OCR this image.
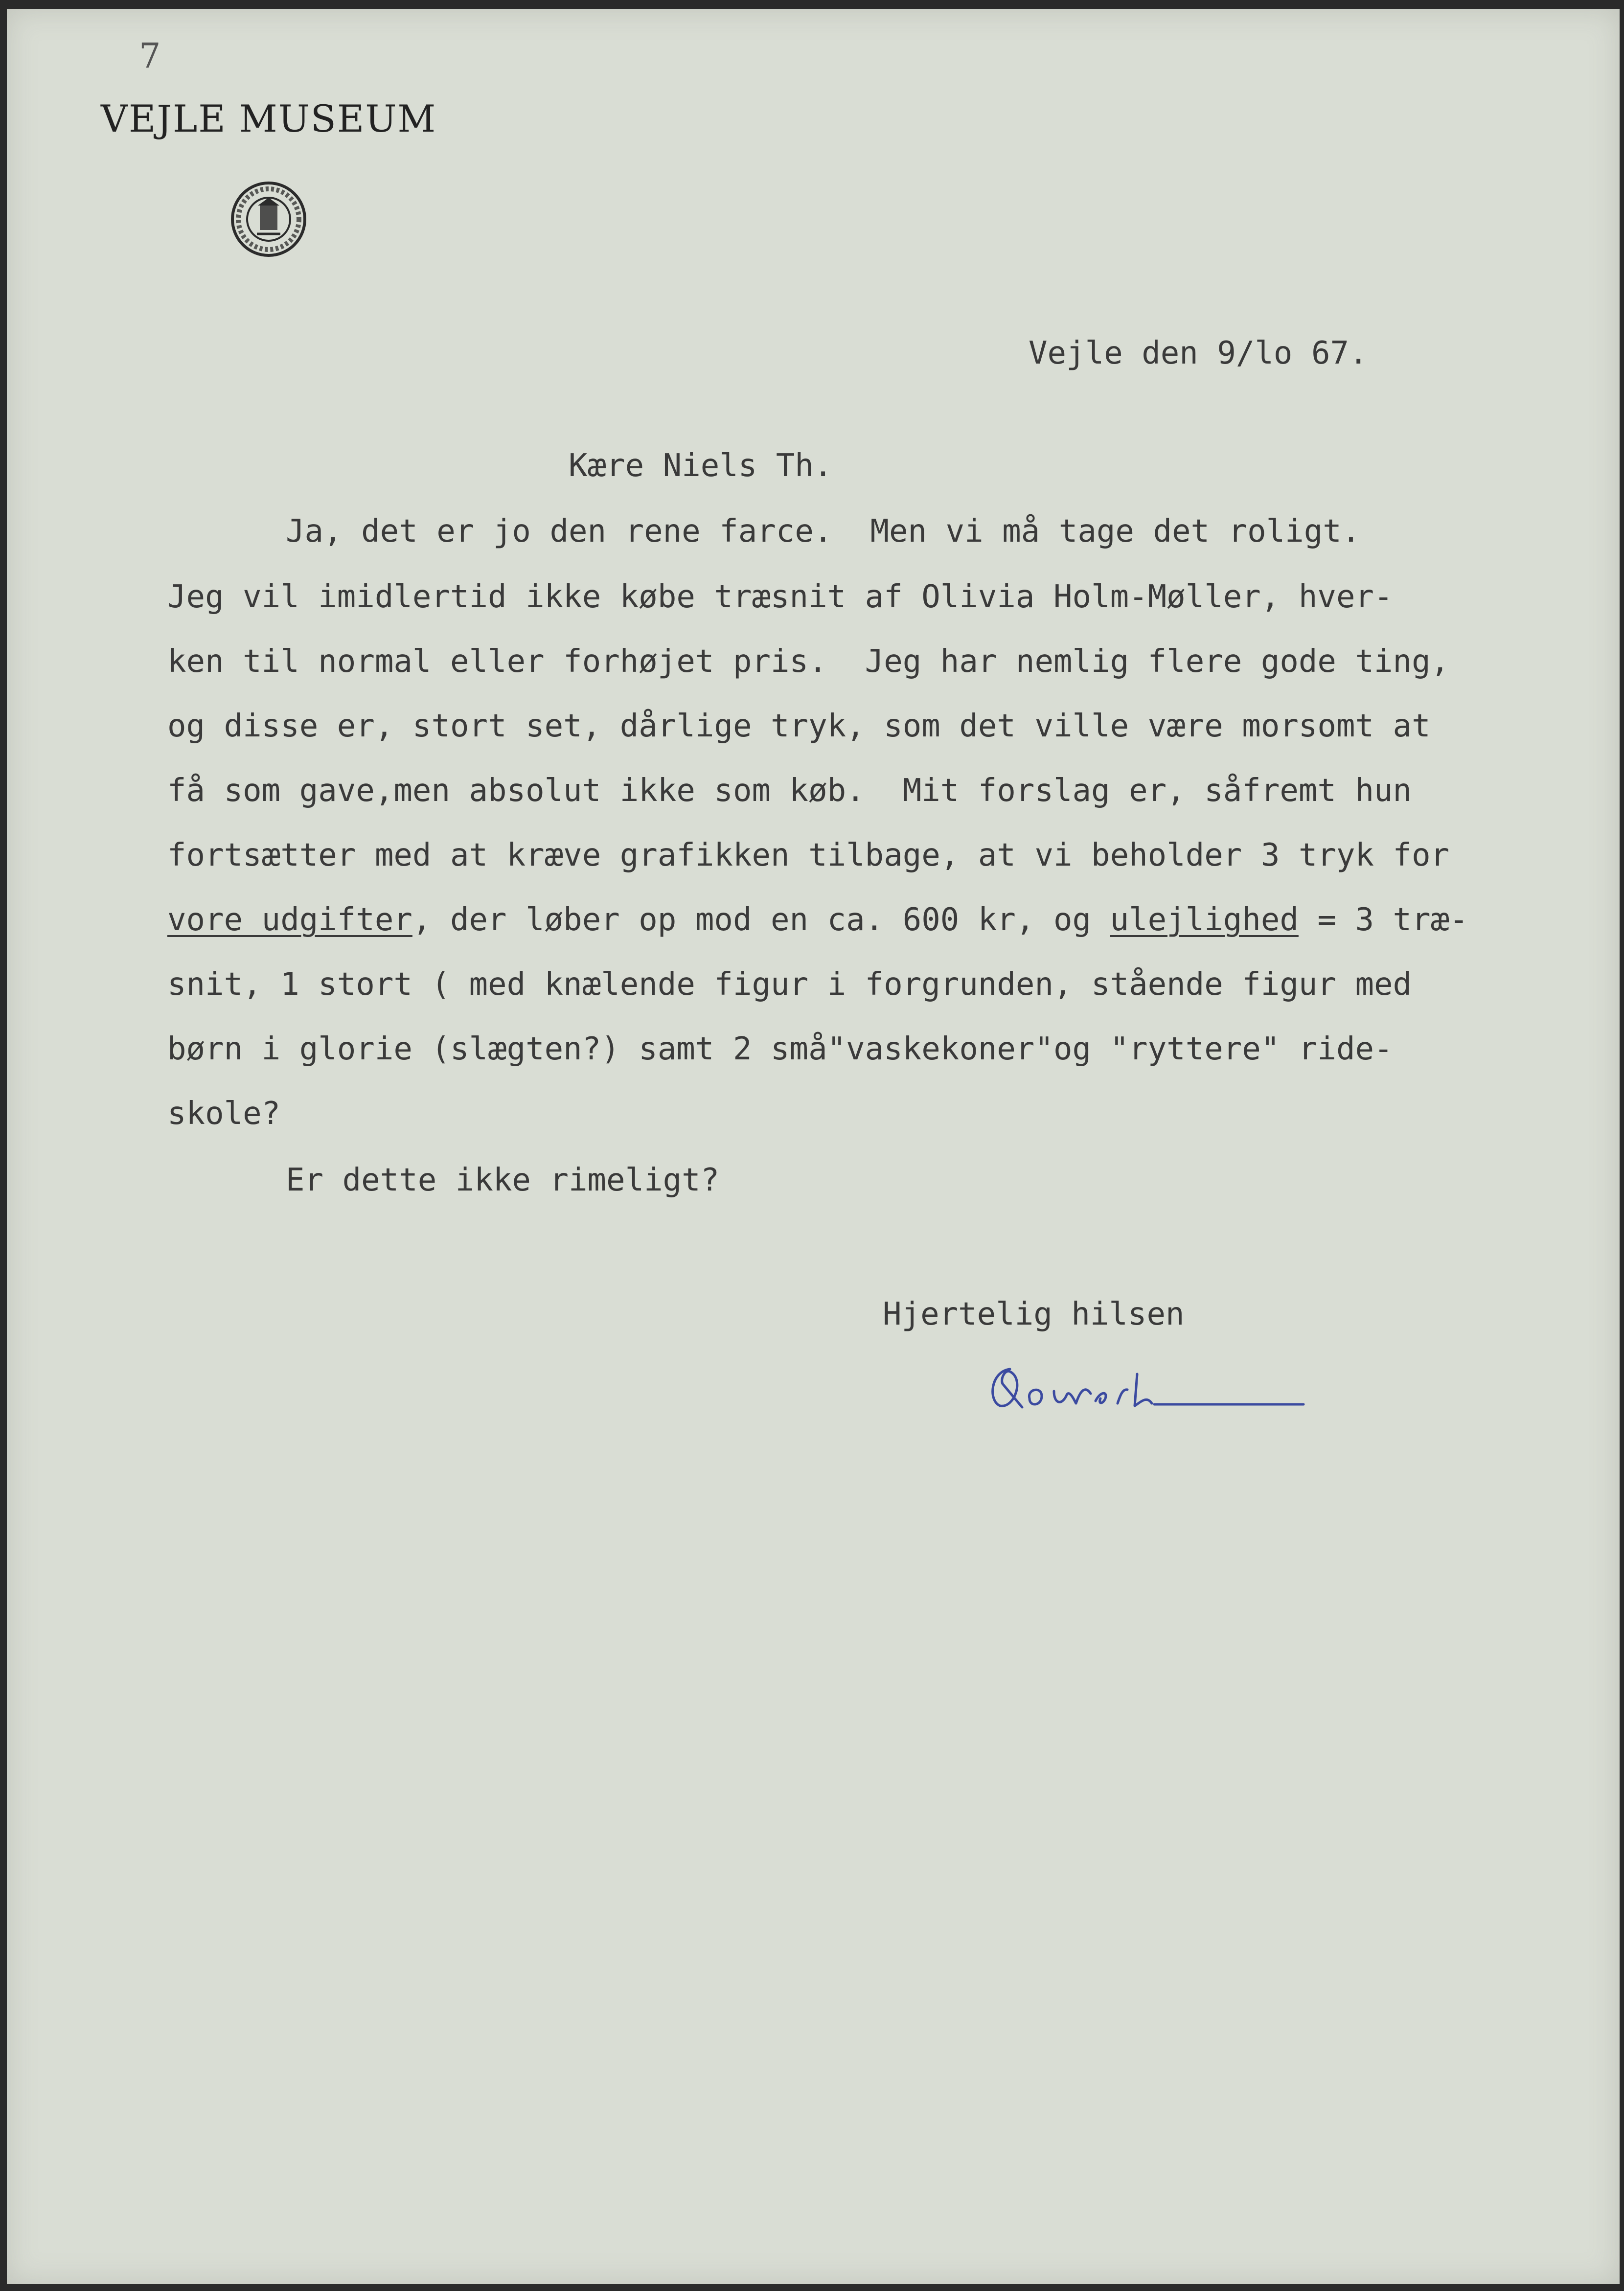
7
VEJLE MUSEUM
Vejle den 9/lo 67.
Kære Niels Th.
Ja, det er jo den rene farce.  Men vi må tage det roligt.
Jeg vil imidlertid ikke købe træsnit af Olivia Holm-Møller, hver-
ken til normal eller forhøjet pris.  Jeg har nemlig flere gode ting,
og disse er, stort set, dårlige tryk, som det ville være morsomt at
få som gave,men absolut ikke som køb.  Mit forslag er, såfremt hun
fortsætter med at kræve grafikken tilbage, at vi beholder 3 tryk for
vore udgifter, der løber op mod en ca. 600 kr, og ulejlighed = 3 træ-
snit, 1 stort ( med knælende figur i forgrunden, stående figur med
børn i glorie (slægten?) samt 2 små"vaskekoner"og "ryttere" ride-
skole?
Er dette ikke rimeligt?
Hjertelig hilsen
